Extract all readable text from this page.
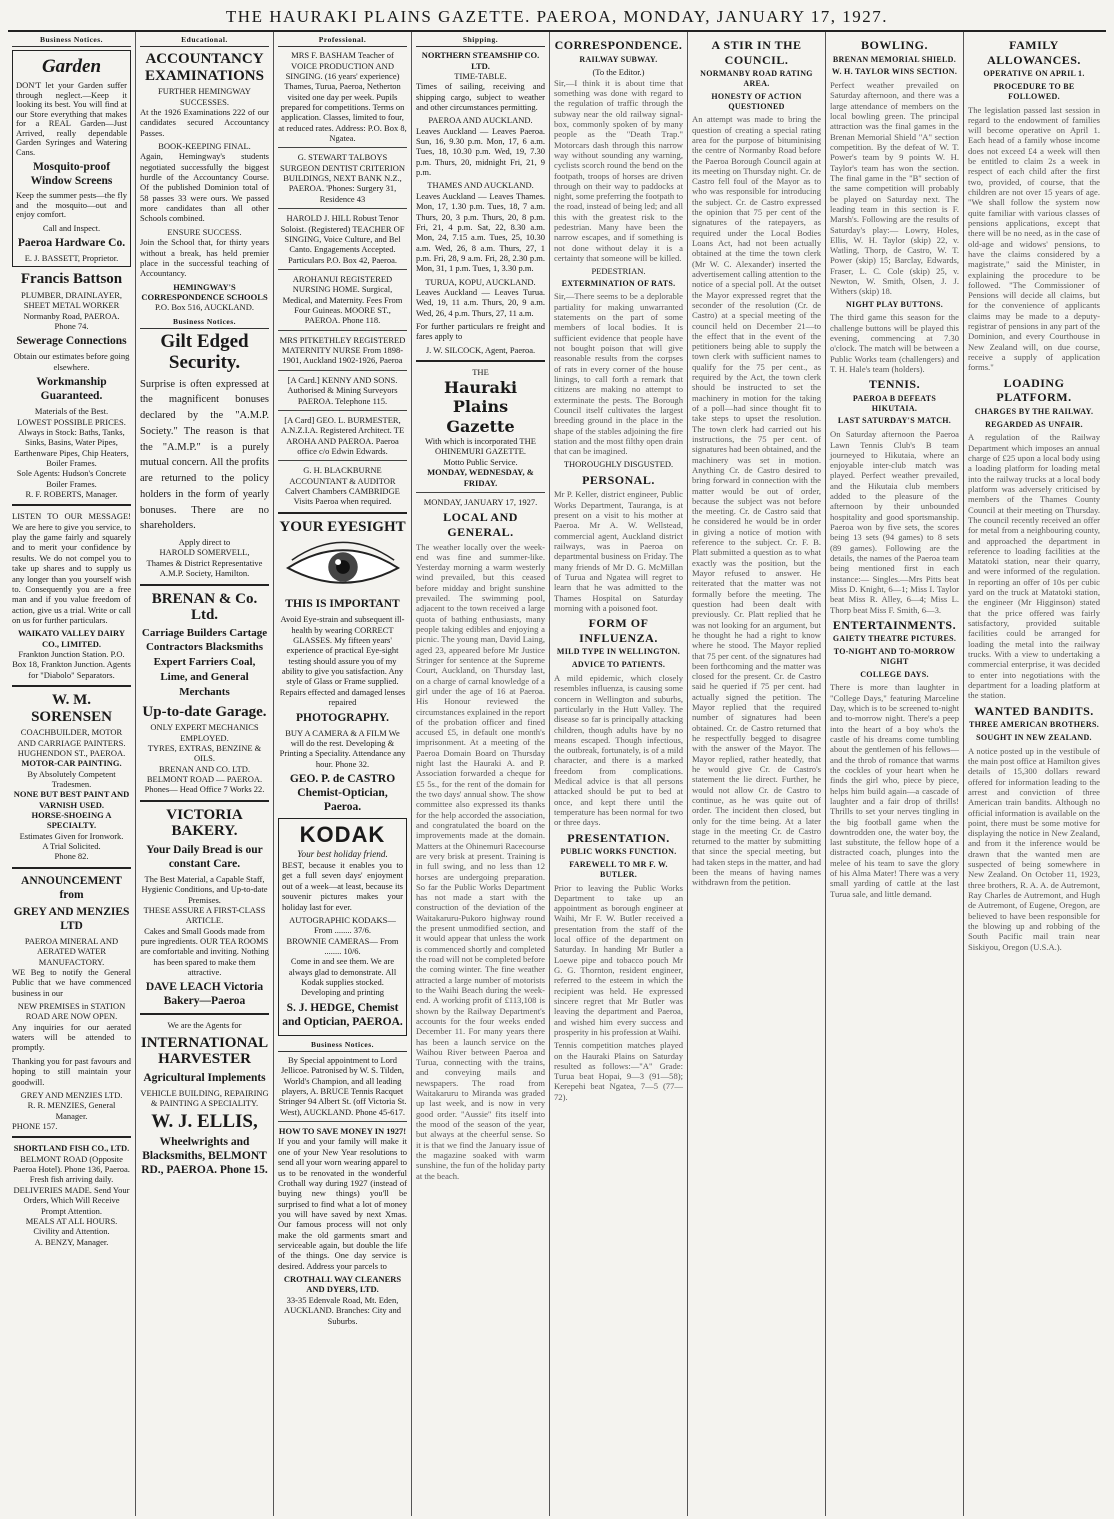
THE HAURAKI PLAINS GAZETTE. PAEROA, MONDAY, JANUARY 17, 1927.
Business Notices.
Garden

DON'T let your Garden suffer through neglect.—Keep it looking its best. You will find at our Store everything that makes for a REAL Garden—Just Arrived, really dependable Garden Syringes and Watering Cans.

Mosquito-proof Window Screens

Keep the summer pests—the fly and the mosquito—out and enjoy comfort.

Call and Inspect.
Paeroa Hardware Co.
E. J. BASSETT, Proprietor.
Francis Battson
PLUMBER, DRAINLAYER, SHEET METAL WORKER
Normanby Road, PAEROA. Phone 74.
Sewerage Connections
Obtain our estimates before going elsewhere.
Workmanship Guaranteed.
Materials of the Best.
LOWEST POSSIBLE PRICES.
Always in Stock: Baths, Tanks, Sinks, Basins, Water Pipes, Earthenware Pipes, Chip Heaters, Boiler Frames.
Sole Agents: Hudson's Concrete Boiler Frames.
R. F. ROBERTS, Manager.

LISTEN TO OUR MESSAGE! We are here to give you service, to play the game fairly and squarely and to merit your confidence by results. We do not compel you to take up shares and to supply us any longer than you yourself wish to. Consequently you are a free man and if you value freedom of action, give us a trial. Write or call on us for further particulars.

WAIKATO VALLEY DAIRY CO., LIMITED.
Frankton Junction Station. P.O. Box 18, Frankton Junction. Agents for "Diabolo" Separators.
W. M. SORENSEN
COACHBUILDER, MOTOR AND CARRIAGE PAINTERS. HUGHENDON ST., PAEROA.
MOTOR-CAR PAINTING.
By Absolutely Competent Tradesmen.
NONE BUT BEST PAINT AND VARNISH USED.
HORSE-SHOEING A SPECIALTY.
Estimates Given for Ironwork.
A Trial Solicited.
Phone 82.
ANNOUNCEMENT from
GREY AND MENZIES LTD
PAEROA MINERAL AND AERATED WATER MANUFACTORY.

WE Beg to notify the General Public that we have commenced business in our

NEW PREMISES in STATION ROAD ARE NOW OPEN.

Any inquiries for our aerated waters will be attended to promptly.

Thanking you for past favours and hoping to still maintain your goodwill.

GREY AND MENZIES LTD.
R. R. MENZIES, General Manager.
PHONE 157.
SHORTLAND FISH CO., LTD.
BELMONT ROAD (Opposite Paeroa Hotel). Phone 136, Paeroa.
Fresh fish arriving daily. DELIVERIES MADE. Send Your Orders, Which Will Receive Prompt Attention.
MEALS AT ALL HOURS. Civility and Attention.
A. BENZY, Manager.
Educational.
ACCOUNTANCY EXAMINATIONS
FURTHER HEMINGWAY SUCCESSES.

At the 1926 Examinations 222 of our candidates secured Accountancy Passes.

BOOK-KEEPING FINAL.

Again, Hemingway's students negotiated successfully the biggest hurdle of the Accountancy Course. Of the published Dominion total of 58 passes 33 were ours. We passed more candidates than all other Schools combined.

ENSURE SUCCESS.

Join the School that, for thirty years without a break, has held premier place in the successful teaching of Accountancy.

HEMINGWAY'S CORRESPONDENCE SCHOOLS
P.O. Box 516, AUCKLAND.
Business Notices.
Gilt Edged Security.

Surprise is often expressed at the magnificent bonuses declared by the "A.M.P. Society." The reason is that the "A.M.P." is a purely mutual concern. All the profits are returned to the policy holders in the form of yearly bonuses. There are no shareholders.

Apply direct to
HAROLD SOMERVELL,
Thames & District Representative A.M.P. Society, Hamilton.
BRENAN & Co. Ltd.
Carriage Builders Cartage Contractors Blacksmiths Expert Farriers Coal, Lime, and General Merchants
Up-to-date Garage.
ONLY EXPERT MECHANICS EMPLOYED.
TYRES, EXTRAS, BENZINE & OILS.
BRENAN AND CO. LTD. BELMONT ROAD — PAEROA.
Phones— Head Office 7 Works 22.
VICTORIA BAKERY.
Your Daily Bread is our constant Care.
The Best Material, a Capable Staff, Hygienic Conditions, and Up-to-date Premises.
THESE ASSURE A FIRST-CLASS ARTICLE.
Cakes and Small Goods made from pure ingredients. OUR TEA ROOMS are comfortable and inviting. Nothing has been spared to make them attractive.
DAVE LEACH Victoria Bakery—Paeroa
We are the Agents for
INTERNATIONAL HARVESTER
Agricultural Implements
VEHICLE BUILDING, REPAIRING & PAINTING A SPECIALITY.
W. J. ELLIS,
Wheelwrights and Blacksmiths, BELMONT RD., PAEROA. Phone 15.
Professional.
MRS F. BASHAM Teacher of VOICE PRODUCTION AND SINGING. (16 years' experience) Thames, Turua, Paeroa, Netherton visited one day per week. Pupils prepared for competitions. Terms on application. Classes, limited to four, at reduced rates. Address: P.O. Box 8, Ngatea.
G. STEWART TALBOYS SURGEON DENTIST CRITERION BUILDINGS, NEXT BANK N.Z., PAEROA. 'Phones: Surgery 31, Residence 43
HAROLD J. HILL Robust Tenor Soloist. (Registered) TEACHER OF SINGING, Voice Culture, and Bel Canto. Engagements Accepted. Particulars P.O. Box 42, Paeroa.
AROHANUI REGISTERED NURSING HOME. Surgical, Medical, and Maternity. Fees From Four Guineas. MOORE ST., PAEROA. Phone 118.
MRS PITKETHLEY REGISTERED MATERNITY NURSE From 1898-1901, Auckland 1902-1926, Paeroa
[A Card.] KENNY AND SONS. Authorised & Mining Surveyors PAEROA. Telephone 115.
[A Card] GEO. L. BURMESTER, A.N.Z.I.A. Registered Architect. TE AROHA AND PAEROA. Paeroa office c/o Edwin Edwards.
G. H. BLACKBURNE ACCOUNTANT & AUDITOR Calvert Chambers CAMBRIDGE Visits Paeroa when required.
YOUR EYESIGHT
THIS IS IMPORTANT
Avoid Eye-strain and subsequent ill-health by wearing CORRECT GLASSES. My fifteen years' experience of practical Eye-sight testing should assure you of my ability to give you satisfaction. Any style of Glass or Frame supplied. Repairs effected and damaged lenses repaired
PHOTOGRAPHY.
BUY A CAMERA & A FILM We will do the rest. Developing & Printing a Speciality. Attendance any hour. Phone 32.
GEO. P. de CASTRO Chemist-Optician, Paeroa.
KODAK
Your best holiday friend.

BEST, because it enables you to get a full seven days' enjoyment out of a week—at least, because its souvenir pictures makes your holiday last for ever.

AUTOGRAPHIC KODAKS— From ........ 37/6.
BROWNIE CAMERAS— From ........ 10/6.
Come in and see them. We are always glad to demonstrate. All Kodak supplies stocked. Developing and printing
S. J. HEDGE, Chemist and Optician, PAEROA.
Business Notices.
By Special appointment to Lord Jellicoe. Patronised by W. S. Tilden, World's Champion, and all leading players, A. BRUCE Tennis Racquet Stringer 94 Albert St. (off Victoria St. West), AUCKLAND. Phone 45-617.
HOW TO SAVE MONEY IN 1927!

If you and your family will make it one of your New Year resolutions to send all your worn wearing apparel to us to be renovated in the wonderful Crothall way during 1927 (instead of buying new things) you'll be surprised to find what a lot of money you will have saved by next Xmas. Our famous process will not only make the old garments smart and serviceable again, but double the life of the things. One day service is desired. Address your parcels to

CROTHALL WAY CLEANERS AND DYERS, LTD.
33-35 Edenvale Road, Mt. Eden, AUCKLAND. Branches: City and Suburbs.
Shipping.
NORTHERN STEAMSHIP CO. LTD.
TIME-TABLE.

Times of sailing, receiving and shipping cargo, subject to weather and other circumstances permitting.

PAEROA AND AUCKLAND.

Leaves Auckland — Leaves Paeroa. Sun, 16, 9.30 p.m. Mon, 17, 6 a.m. Tues, 18, 10.30 p.m. Wed, 19, 7.30 p.m. Thurs, 20, midnight Fri, 21, 9 p.m.

THAMES AND AUCKLAND.

Leaves Auckland — Leaves Thames. Mon, 17, 1.30 p.m. Tues, 18, 7 a.m. Thurs, 20, 3 p.m. Thurs, 20, 8 p.m. Fri, 21, 4 p.m. Sat, 22, 8.30 a.m. Mon, 24, 7.15 a.m. Tues, 25, 10.30 a.m. Wed, 26, 8 a.m. Thurs, 27, 1 p.m. Fri, 28, 9 a.m. Fri, 28, 2.30 p.m. Mon, 31, 1 p.m. Tues, 1, 3.30 p.m.

TURUA, KOPU, AUCKLAND.

Leaves Auckland — Leaves Turua. Wed, 19, 11 a.m. Thurs, 20, 9 a.m. Wed, 26, 4 p.m. Thurs, 27, 11 a.m.

For further particulars re freight and fares apply to

J. W. SILCOCK, Agent, Paeroa.
THE
Hauraki Plains Gazette
With which is incorporated THE OHINEMURI GAZETTE.
Motto Public Service.
MONDAY, WEDNESDAY, & FRIDAY.
MONDAY, JANUARY 17, 1927.
LOCAL AND GENERAL.

The weather locally over the week-end was fine and summer-like. Yesterday morning a warm westerly wind prevailed, but this ceased before midday and bright sunshine prevailed. The swimming pool, adjacent to the town received a large quota of bathing enthusiasts, many people taking edibles and enjoying a picnic. The young man, David Laing, aged 23, appeared before Mr Justice Stringer for sentence at the Supreme Court, Auckland, on Thursday last, on a charge of carnal knowledge of a girl under the age of 16 at Paeroa. His Honour reviewed the circumstances explained in the report of the probation officer and fined accused £5, in default one month's imprisonment. At a meeting of the Paeroa Domain Board on Thursday night last the Hauraki A. and P. Association forwarded a cheque for £5 5s., for the rent of the domain for the two days' annual show. The show committee also expressed its thanks for the help accorded the association, and congratulated the board on the improvements made at the domain. Matters at the Ohinemuri Racecourse are very brisk at present. Training is in full swing, and no less than 12 horses are undergoing preparation. So far the Public Works Department has not made a start with the construction of the deviation of the Waitakaruru-Pukoro highway round the present unmodified section, and it would appear that unless the work is commenced shortly and completed the road will not be completed before the coming winter. The fine weather attracted a large number of motorists to the Waihi Beach during the week-end. A working profit of £113,108 is shown by the Railway Department's accounts for the four weeks ended December 11. For many years there has been a launch service on the Waihou River between Paeroa and Turua, connecting with the trains, and conveying mails and newspapers. The road from Waitakaruru to Miranda was graded up last week, and is now in very good order. "Aussie" fits itself into the mood of the season of the year, but always at the cheerful sense. So it is that we find the January issue of the magazine soaked with warm sunshine, the fun of the holiday party at the beach.

CORRESPONDENCE.
RAILWAY SUBWAY.
(To the Editor.)

Sir,—I think it is about time that something was done with regard to the regulation of traffic through the subway near the old railway signal-box, commonly spoken of by many people as the "Death Trap." Motorcars dash through this narrow way without sounding any warning, cyclists scorch round the bend on the footpath, troops of horses are driven through on their way to paddocks at night, some preferring the footpath to the road, instead of being led; and all this with the greatest risk to the pedestrian. Many have been the narrow escapes, and if something is not done without delay it is a certainty that someone will be killed.

PEDESTRIAN.
EXTERMINATION OF RATS.

Sir,—There seems to be a deplorable partiality for making unwarranted statements on the part of some members of local bodies. It is sufficient evidence that people have not bought poison that will give reasonable results from the corpses of rats in every corner of the house linings, to call forth a remark that citizens are making no attempt to exterminate the pests. The Borough Council itself cultivates the largest breeding ground in the place in the shape of the stables adjoining the fire station and the most filthy open drain that can be imagined.

THOROUGHLY DISGUSTED.
PERSONAL.

Mr P. Keller, district engineer, Public Works Department, Tauranga, is at present on a visit to his mother at Paeroa. Mr A. W. Wellstead, commercial agent, Auckland district railways, was in Paeroa on departmental business on Friday. The many friends of Mr D. G. McMillan of Turua and Ngatea will regret to learn that he was admitted to the Thames Hospital on Saturday morning with a poisoned foot.

FORM OF INFLUENZA.
MILD TYPE IN WELLINGTON.
ADVICE TO PATIENTS.

A mild epidemic, which closely resembles influenza, is causing some concern in Wellington and suburbs, particularly in the Hutt Valley. The disease so far is principally attacking children, though adults have by no means escaped. Though infectious, the outbreak, fortunately, is of a mild character, and there is a marked freedom from complications. Medical advice is that all persons attacked should be put to bed at once, and kept there until the temperature has been normal for two or three days.

PRESENTATION.
PUBLIC WORKS FUNCTION.
FAREWELL TO MR F. W. BUTLER.

Prior to leaving the Public Works Department to take up an appointment as borough engineer at Waihi, Mr F. W. Butler received a presentation from the staff of the local office of the department on Saturday. In handing Mr Butler a Loewe pipe and tobacco pouch Mr G. G. Thornton, resident engineer, referred to the esteem in which the recipient was held. He expressed sincere regret that Mr Butler was leaving the department and Paeroa, and wished him every success and prosperity in his profession at Waihi.

Tennis competition matches played on the Hauraki Plains on Saturday resulted as follows:—"A" Grade: Turua beat Hopai, 9—3 (91—58); Kerepehi beat Ngatea, 7—5 (77—72).

A STIR IN THE COUNCIL.
NORMANBY ROAD RATING AREA.
HONESTY OF ACTION QUESTIONED

An attempt was made to bring the question of creating a special rating area for the purpose of bituminising the centre of Normanby Road before the Paeroa Borough Council again at its meeting on Thursday night. Cr. de Castro fell foul of the Mayor as to who was responsible for introducing the subject. Cr. de Castro expressed the opinion that 75 per cent of the signatures of the ratepayers, as required under the Local Bodies Loans Act, had not been actually obtained at the time the town clerk (Mr W. C. Alexander) inserted the advertisement calling attention to the notice of a special poll. At the outset the Mayor expressed regret that the seconder of the resolution (Cr. de Castro) at a special meeting of the council held on December 21—to the effect that in the event of the petitioners being able to supply the town clerk with sufficient names to qualify for the 75 per cent., as required by the Act, the town clerk should be instructed to set the machinery in motion for the taking of a poll—had since thought fit to take steps to upset the resolution. The town clerk had carried out his instructions, the 75 per cent. of signatures had been obtained, and the machinery was set in motion. Anything Cr. de Castro desired to bring forward in connection with the matter would be out of order, because the subject was not before the meeting. Cr. de Castro said that he considered he would be in order in giving a notice of motion with reference to the subject. Cr. F. B. Platt submitted a question as to what exactly was the position, but the Mayor refused to answer. He reiterated that the matter was not formally before the meeting. The question had been dealt with previously. Cr. Platt replied that he was not looking for an argument, but he thought he had a right to know where he stood. The Mayor replied that 75 per cent. of the signatures had been forthcoming and the matter was closed for the present. Cr. de Castro said he queried if 75 per cent. had actually signed the petition. The Mayor replied that the required number of signatures had been obtained. Cr. de Castro returned that he respectfully begged to disagree with the answer of the Mayor. The Mayor replied, rather heatedly, that he would give Cr. de Castro's statement the lie direct. Further, he would not allow Cr. de Castro to continue, as he was quite out of order. The incident then closed, but only for the time being. At a later stage in the meeting Cr. de Castro returned to the matter by submitting that since the special meeting, but had taken steps in the matter, and had been the means of having names withdrawn from the petition.

BOWLING.
BRENAN MEMORIAL SHIELD.
W. H. TAYLOR WINS SECTION.

Perfect weather prevailed on Saturday afternoon, and there was a large attendance of members on the local bowling green. The principal attraction was the final games in the Brenan Memorial Shield "A" section competition. By the defeat of W. T. Power's team by 9 points W. H. Taylor's team has won the section. The final game in the "B" section of the same competition will probably be played on Saturday next. The leading team in this section is F. Marsh's. Following are the results of Saturday's play:— Lowry, Holes, Ellis, W. H. Taylor (skip) 22, v. Watling, Thorp, de Castro, W. T. Power (skip) 15; Barclay, Edwards, Fraser, L. C. Cole (skip) 25, v. Newton, W. Smith, Olsen, J. J. Withers (skip) 18.

NIGHT PLAY BUTTONS.

The third game this season for the challenge buttons will be played this evening, commencing at 7.30 o'clock. The match will be between a Public Works team (challengers) and T. H. Hale's team (holders).

TENNIS.
PAEROA B DEFEATS HIKUTAIA.
LAST SATURDAY'S MATCH.

On Saturday afternoon the Paeroa Lawn Tennis Club's B team journeyed to Hikutaia, where an enjoyable inter-club match was played. Perfect weather prevailed, and the Hikutaia club members added to the pleasure of the afternoon by their unbounded hospitality and good sportsmanship. Paeroa won by five sets, the scores being 13 sets (94 games) to 8 sets (89 games). Following are the details, the names of the Paeroa team being mentioned first in each instance:— Singles.—Mrs Pitts beat Miss D. Knight, 6—1; Miss I. Taylor beat Miss R. Alley, 6—4; Miss L. Thorp beat Miss F. Smith, 6—3.

ENTERTAINMENTS.
GAIETY THEATRE PICTURES.
TO-NIGHT AND TO-MORROW NIGHT
COLLEGE DAYS.

There is more than laughter in "College Days," featuring Marceline Day, which is to be screened to-night and to-morrow night. There's a peep into the heart of a boy who's the castle of his dreams come tumbling about the gentlemen of his fellows—and the throb of romance that warms the cockles of your heart when he finds the girl who, piece by piece, helps him build again—a cascade of laughter and a fair drop of thrills! Thrills to set your nerves tingling in the big football game when the downtrodden one, the water boy, the last substitute, the fellow hope of a distracted coach, plunges into the melee of his team to save the glory of his Alma Mater! There was a very small yarding of cattle at the last Turua sale, and little demand.

FAMILY ALLOWANCES.
OPERATIVE ON APRIL 1.
PROCEDURE TO BE FOLLOWED.

The legislation passed last session in regard to the endowment of families will become operative on April 1. Each head of a family whose income does not exceed £4 a week will then be entitled to claim 2s a week in respect of each child after the first two, provided, of course, that the children are not over 15 years of age. "We shall follow the system now quite familiar with various classes of pensions applications, except that there will be no need, as in the case of old-age and widows' pensions, to have the claims considered by a magistrate," said the Minister, in explaining the procedure to be followed. "The Commissioner of Pensions will decide all claims, but for the convenience of applicants claims may be made to a deputy-registrar of pensions in any part of the Dominion, and every Courthouse in New Zealand will, on due course, receive a supply of application forms."

LOADING PLATFORM.
CHARGES BY THE RAILWAY.
REGARDED AS UNFAIR.

A regulation of the Railway Department which imposes an annual charge of £25 upon a local body using a loading platform for loading metal into the railway trucks at a local body platform was adversely criticised by members of the Thames County Council at their meeting on Thursday. The council recently received an offer for metal from a neighbouring county, and approached the department in reference to loading facilities at the Matatoki station, near their quarry, and were informed of the regulation. In reporting an offer of 10s per cubic yard on the truck at Matatoki station, the engineer (Mr Higginson) stated that the price offered was fairly satisfactory, provided suitable facilities could be arranged for loading the metal into the railway trucks. With a view to undertaking a commercial enterprise, it was decided to enter into negotiations with the department for a loading platform at the station.

WANTED BANDITS.
THREE AMERICAN BROTHERS.
SOUGHT IN NEW ZEALAND.

A notice posted up in the vestibule of the main post office at Hamilton gives details of 15,300 dollars reward offered for information leading to the arrest and conviction of three American train bandits. Although no official information is available on the point, there must be some motive for displaying the notice in New Zealand, and from it the inference would be drawn that the wanted men are suspected of being somewhere in New Zealand. On October 11, 1923, three brothers, R. A. A. de Autremont, Ray Charles de Autremont, and Hugh de Autremont, of Eugene, Oregon, are believed to have been responsible for the blowing up and robbing of the South Pacific mail train near Siskiyou, Oregon (U.S.A.).
